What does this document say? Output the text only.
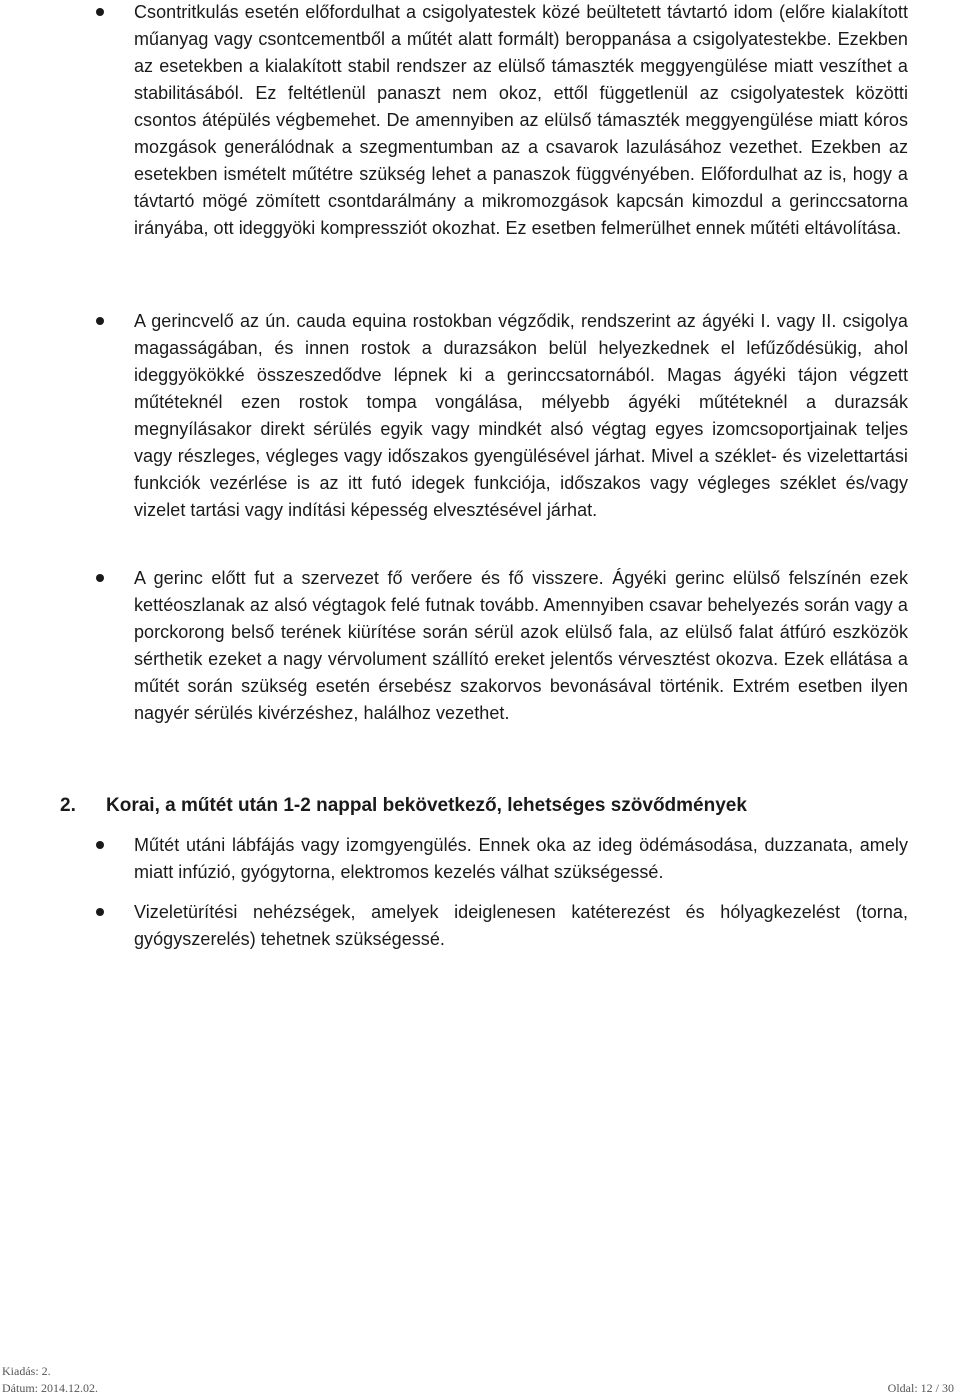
Csontritkulás esetén előfordulhat a csigolyatestek közé beültetett távtartó idom (előre kialakított műanyag vagy csontcementből a műtét alatt formált) beroppanása a csigolyatestekbe. Ezekben az esetekben a kialakított stabil rendszer az elülső támaszték meggyengülése miatt veszíthet a stabilitásából. Ez feltétlenül panaszt nem okoz, ettől függetlenül az csigolyatestek közötti csontos átépülés végbemehet. De amennyiben az elülső támaszték meggyengülése miatt kóros mozgások generálódnak a szegmentumban az a csavarok lazulásához vezethet. Ezekben az esetekben ismételt műtétre szükség lehet a panaszok függvényében. Előfordulhat az is, hogy a távtartó mögé zömített csontdarálmány a mikromozgások kapcsán kimozdul a gerinccsatorna irányába, ott ideggyöki kompressziót okozhat. Ez esetben felmerülhet ennek műtéti eltávolítása.

A gerincvelő az ún. cauda equina rostokban végződik, rendszerint az ágyéki I. vagy II. csigolya magasságában, és innen rostok a durazsákon belül helyezkednek el lefűződésükig, ahol ideggyökökké összeszedődve lépnek ki a gerinccsatornából. Magas ágyéki tájon végzett műtéteknél ezen rostok tompa vongálása, mélyebb ágyéki műtéteknél a durazsák megnyílásakor direkt sérülés egyik vagy mindkét alsó végtag egyes izomcsoportjainak teljes vagy részleges, végleges vagy időszakos gyengülésével járhat. Mivel a széklet- és vizelettartási funkciók vezérlése is az itt futó idegek funkciója, időszakos vagy végleges széklet és/vagy vizelet tartási vagy indítási képesség elvesztésével járhat.

A gerinc előtt fut a szervezet fő verőere és fő visszere. Ágyéki gerinc elülső felszínén ezek kettéoszlanak az alsó végtagok felé futnak tovább. Amennyiben csavar behelyezés során vagy a porckorong belső terének kiürítése során sérül azok elülső fala, az elülső falat átfúró eszközök sérthetik ezeket a nagy vérvolument szállító ereket jelentős vérvesztést okozva. Ezek ellátása a műtét során szükség esetén érsebész szakorvos bevonásával történik. Extrém esetben ilyen nagyér sérülés kivérzéshez, halálhoz vezethet.

2. Korai, a műtét után 1-2 nappal bekövetkező, lehetséges szövődmények

Műtét utáni lábfájás vagy izomgyengülés. Ennek oka az ideg ödémásodása, duzzanata, amely miatt infúzió, gyógytorna, elektromos kezelés válhat szükségessé.

Vizeletürítési nehézségek, amelyek ideiglenesen katéterezést és hólyagkezelést (torna, gyógyszerelés) tehetnek szükségessé.

Kiadás: 2.
Dátum: 2014.12.02.	Oldal: 12 / 30
